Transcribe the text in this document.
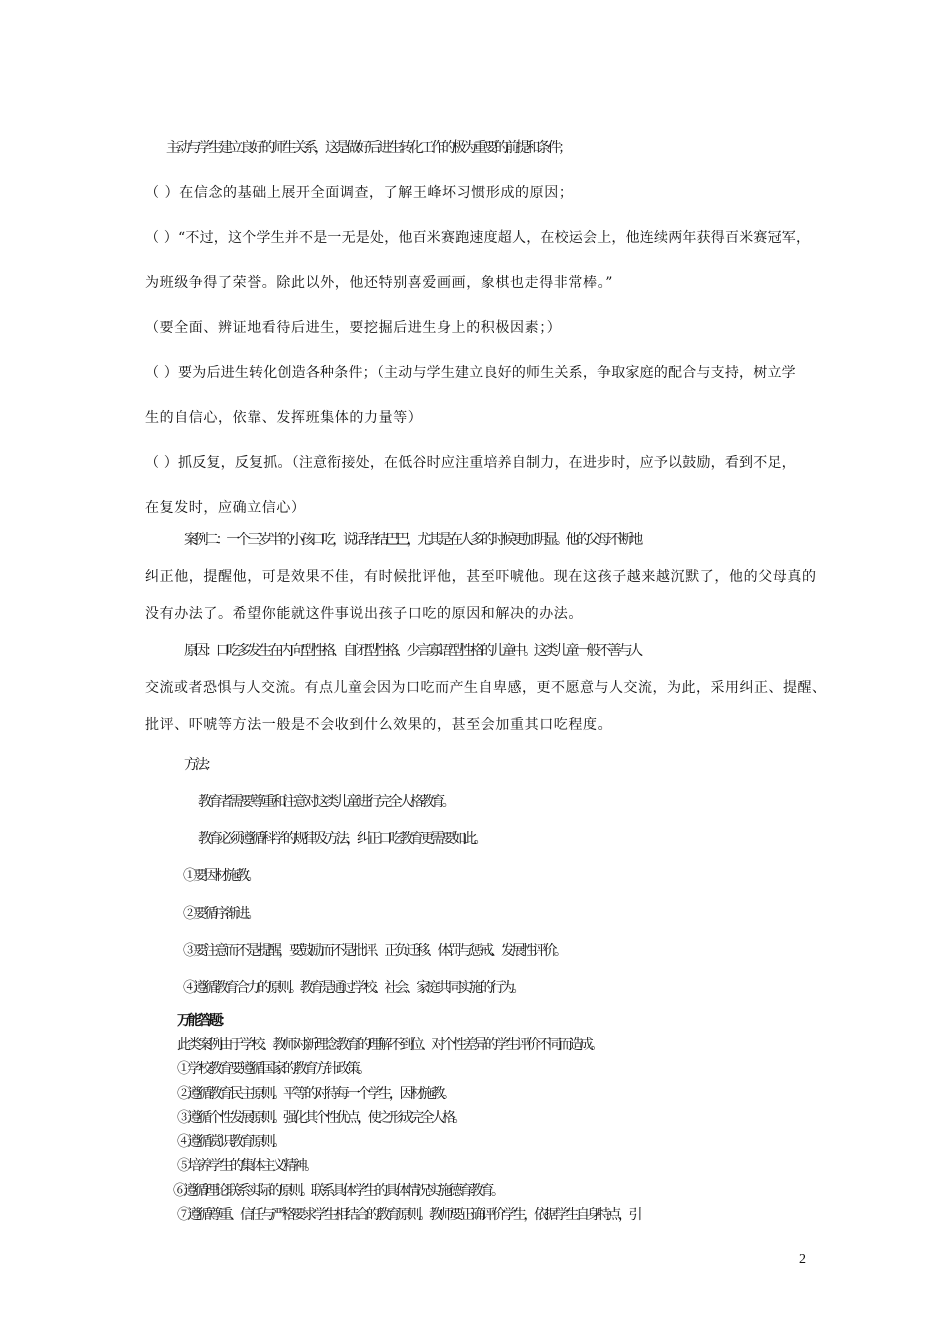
主动与学生建立良好的师生关系，这是做好后进生转化工作的极为重要的前提和条件；
（ ）在信念的基础上展开全面调查，了解王峰坏习惯形成的原因；
（ ）“不过，这个学生并不是一无是处，他百米赛跑速度超人，在校运会上，他连续两年获得百米赛冠军，
为班级争得了荣誉。除此以外，他还特别喜爱画画，象棋也走得非常棒。”
（要全面、辨证地看待后进生，要挖掘后进生身上的积极因素；）
（ ）要为后进生转化创造各种条件；（主动与学生建立良好的师生关系，争取家庭的配合与支持，树立学
生的自信心，依靠、发挥班集体的力量等）
（ ）抓反复，反复抓。（注意衔接处，在低谷时应注重培养自制力，在进步时，应予以鼓励，看到不足，
在复发时，应确立信心）
案例二：一个三岁半的小孩口吃，说话结结巴巴，尤其是在人多的时候更加明显。他的父母不断地
纠正他，提醒他，可是效果不佳，有时候批评他，甚至吓唬他。现在这孩子越来越沉默了，他的父母真的
没有办法了。希望你能就这件事说出孩子口吃的原因和解决的办法。
原因：口吃多发生在内向型性格、自闭型性格、少言寡语型性格的儿童中。这类儿童一般不善与人
交流或者恐惧与人交流。有点儿童会因为口吃而产生自卑感，更不愿意与人交流，为此，采用纠正、提醒、
批评、吓唬等方法一般是不会收到什么效果的，甚至会加重其口吃程度。
方法：
教育者需要尊重和注意对这类儿童进行完全人格教育。
教育必须遵循科学的规律及方法，纠正口吃教育更需要如此。
①要因材施教。
②要循序渐进。
③要注意而不是提醒，要鼓励而不是批评、正负迁移、体罚与惩戒、发展性评价。
④遵循教育合力的原则。教育是通过学校、社会、家庭共同实施的行为。
万能答题：
此类案例由于学校、教师对新理念教育的理解不到位、对个性差异的学生评价不同而造成。
①学校教育要遵循国家的教育方针政策。
②遵循教育民主原则。平等的对待每一个学生，因材施教。
③遵循个性发展原则。强化其个性优点，使之形成完全人格。
④遵循赏识教育原则。
⑤培养学生的集体主义精神。
⑥遵循理论联系实际的原则。联系具体学生的具体情况实施德育教育。
⑦遵循尊重、信任与严格要求学生相结合的教育原则。教师要正确评价学生，依据学生自身特点，引
2
